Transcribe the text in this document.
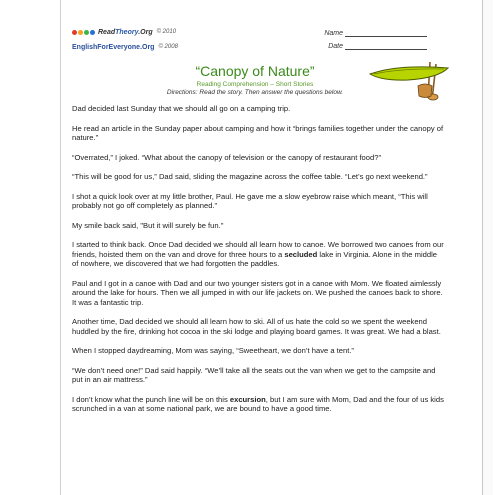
ReadTheory.Org © 2010
EnglishForEveryone.Org © 2008
Name
Date
“Canopy of Nature”
Reading Comprehension – Short Stories
Directions: Read the story. Then answer the questions below.

Dad decided last Sunday that we should all go on a camping trip.

He read an article in the Sunday paper about camping and how it “brings families together under the canopy of nature.”

“Overrated,” I joked. “What about the canopy of television or the canopy of restaurant food?”

“This will be good for us,” Dad said, sliding the magazine across the coffee table. “Let’s go next weekend.”

I shot a quick look over at my little brother, Paul. He gave me a slow eyebrow raise which meant, “This will probably not go off completely as planned.”

My smile back said, "But it will surely be fun."

I started to think back. Once Dad decided we should all learn how to canoe. We borrowed two canoes from our friends, hoisted them on the van and drove for three hours to a secluded lake in Virginia. Alone in the middle of nowhere, we discovered that we had forgotten the paddles.

Paul and I got in a canoe with Dad and our two younger sisters got in a canoe with Mom. We floated aimlessly around the lake for hours. Then we all jumped in with our life jackets on. We pushed the canoes back to shore. It was a fantastic trip.

Another time, Dad decided we should all learn how to ski. All of us hate the cold so we spent the weekend huddled by the fire, drinking hot cocoa in the ski lodge and playing board games. It was great. We had a blast.

When I stopped daydreaming, Mom was saying, “Sweetheart, we don’t have a tent.”

“We don’t need one!” Dad said happily. “We’ll take all the seats out the van when we get to the campsite and put in an air mattress.”

I don’t know what the punch line will be on this excursion, but I am sure with Mom, Dad and the four of us kids scrunched in a van at some national park, we are bound to have a good time.
